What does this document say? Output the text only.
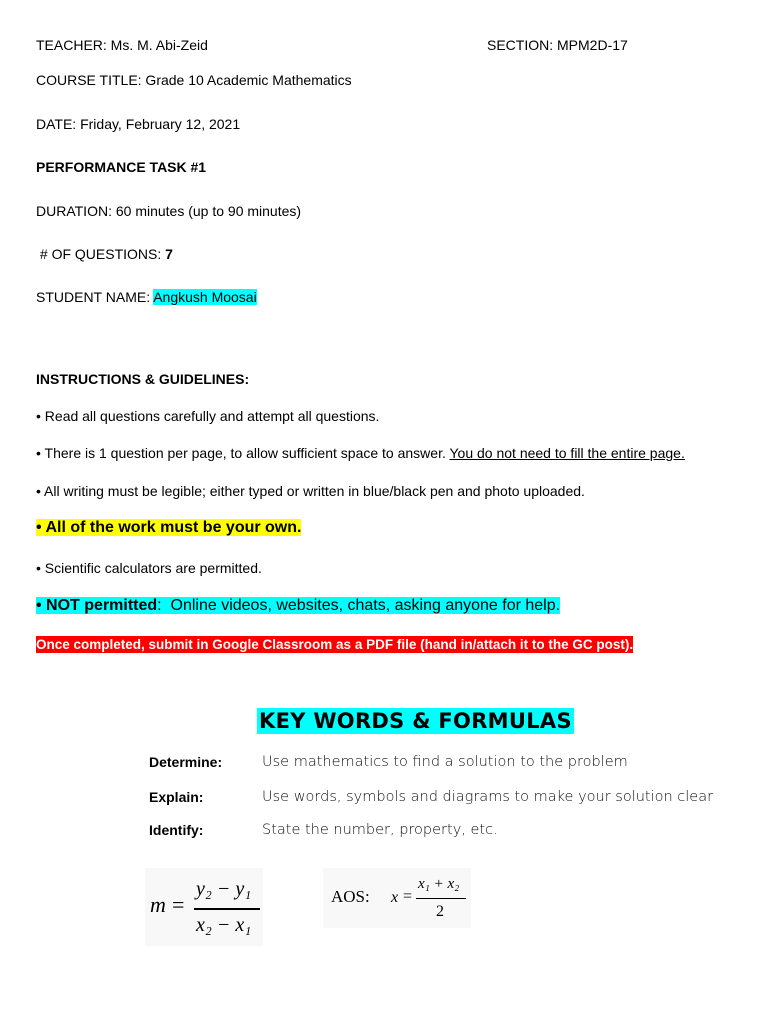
TEACHER: Ms. M. Abi-Zeid	SECTION: MPM2D-17
COURSE TITLE: Grade 10 Academic Mathematics
DATE: Friday, February 12, 2021
PERFORMANCE TASK #1
DURATION: 60 minutes (up to 90 minutes)
# OF QUESTIONS: 7
STUDENT NAME: Angkush Moosai
INSTRUCTIONS & GUIDELINES:
• Read all questions carefully and attempt all questions.
• There is 1 question per page, to allow sufficient space to answer. You do not need to fill the entire page.
• All writing must be legible; either typed or written in blue/black pen and photo uploaded.
• All of the work must be your own.
• Scientific calculators are permitted.
• NOT permitted:  Online videos, websites, chats, asking anyone for help.
Once completed, submit in Google Classroom as a PDF file (hand in/attach it to the GC post).
KEY WORDS & FORMULAS
Determine:	Use mathematics to find a solution to the problem
Explain:	Use words, symbols and diagrams to make your solution clear
Identify:	State the number, property, etc.
m =
y₂ − y₁
x₂ − x₁
AOS: x =
x₁ + x₂
2
